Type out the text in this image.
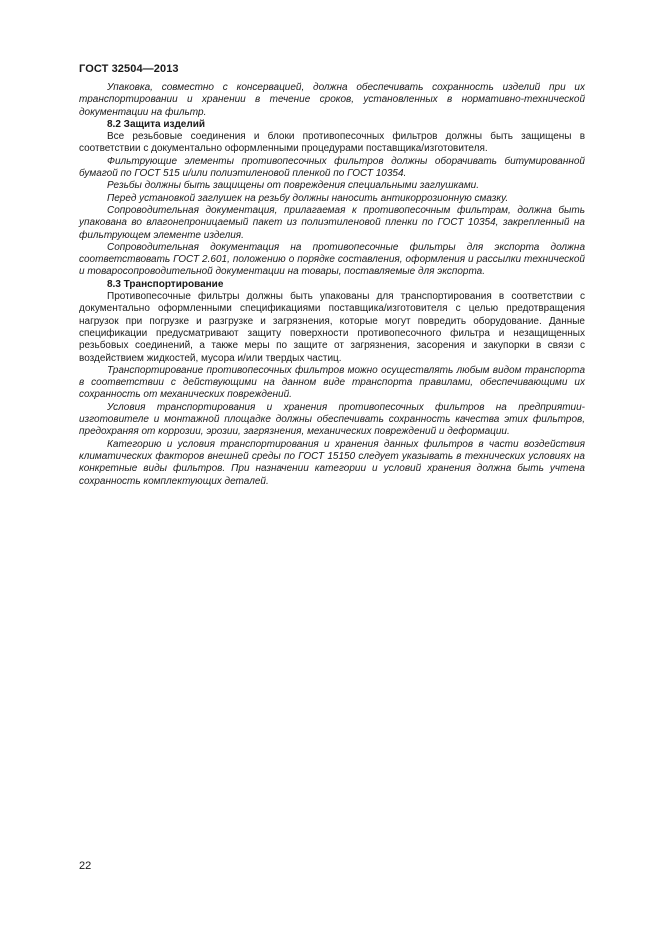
ГОСТ 32504—2013

Упаковка, совместно с консервацией, должна обеспечивать сохранность изделий при их транспортировании и хранении в течение сроков, установленных в нормативно-технической документации на фильтр.

8.2 Защита изделий

Все резьбовые соединения и блоки противопесочных фильтров должны быть защищены в соответствии с документально оформленными процедурами поставщика/изготовителя.

Фильтрующие элементы противопесочных фильтров должны оборачивать битумированной бумагой по ГОСТ 515 и/или полиэтиленовой пленкой по ГОСТ 10354.

Резьбы должны быть защищены от повреждения специальными заглушками.

Перед установкой заглушек на резьбу должны наносить антикоррозионную смазку.

Сопроводительная документация, прилагаемая к противопесочным фильтрам, должна быть упакована во влагонепроницаемый пакет из полиэтиленовой пленки по ГОСТ 10354, закрепленный на фильтрующем элементе изделия.

Сопроводительная документация на противопесочные фильтры для экспорта должна соответствовать ГОСТ 2.601, положению о порядке составления, оформления и рассылки технической и товаросопроводительной документации на товары, поставляемые для экспорта.

8.3 Транспортирование

Противопесочные фильтры должны быть упакованы для транспортирования в соответствии с документально оформленными спецификациями поставщика/изготовителя с целью предотвращения нагрузок при погрузке и разгрузке и загрязнения, которые могут повредить оборудование. Данные спецификации предусматривают защиту поверхности противопесочного фильтра и незащищенных резьбовых соединений, а также меры по защите от загрязнения, засорения и закупорки в связи с воздействием жидкостей, мусора и/или твердых частиц.

Транспортирование противопесочных фильтров можно осуществлять любым видом транспорта в соответствии с действующими на данном виде транспорта правилами, обеспечивающими их сохранность от механических повреждений.

Условия транспортирования и хранения противопесочных фильтров на предприятии-изготовителе и монтажной площадке должны обеспечивать сохранность качества этих фильтров, предохраняя от коррозии, эрозии, загрязнения, механических повреждений и деформации.

Категорию и условия транспортирования и хранения данных фильтров в части воздействия климатических факторов внешней среды по ГОСТ 15150 следует указывать в технических условиях на конкретные виды фильтров. При назначении категории и условий хранения должна быть учтена сохранность комплектующих деталей.

22
